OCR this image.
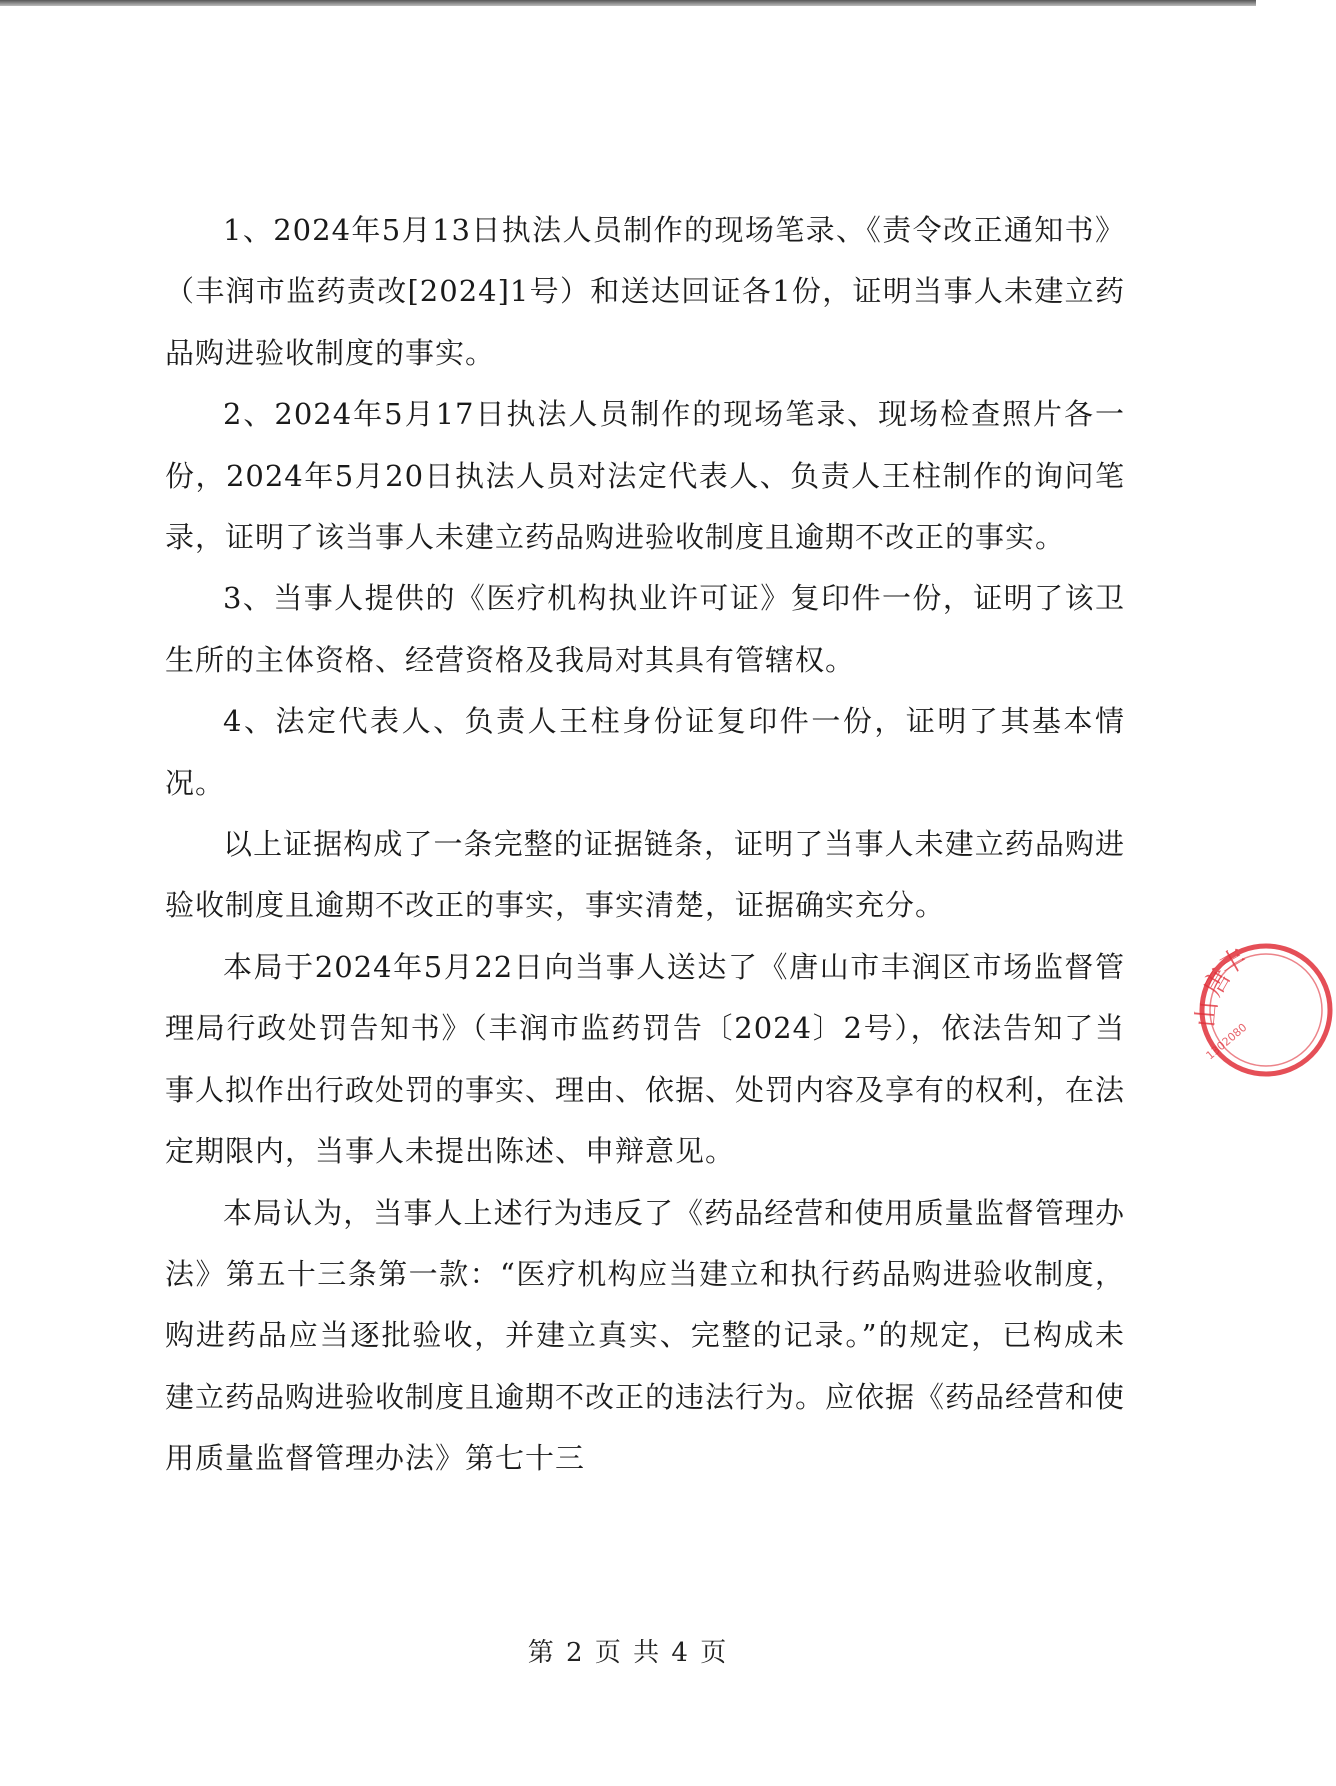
1、2024年5月13日执法人员制作的现场笔录、《责令改正通知书》（丰润市监药责改[2024]1号）和送达回证各1份，证明当事人未建立药品购进验收制度的事实。

2、2024年5月17日执法人员制作的现场笔录、现场检查照片各一份，2024年5月20日执法人员对法定代表人、负责人王柱制作的询问笔录，证明了该当事人未建立药品购进验收制度且逾期不改正的事实。

3、当事人提供的《医疗机构执业许可证》复印件一份，证明了该卫生所的主体资格、经营资格及我局对其具有管辖权。

4、法定代表人、负责人王柱身份证复印件一份，证明了其基本情况。

以上证据构成了一条完整的证据链条，证明了当事人未建立药品购进验收制度且逾期不改正的事实，事实清楚，证据确实充分。

本局于2024年5月22日向当事人送达了《唐山市丰润区市场监督管理局行政处罚告知书》（丰润市监药罚告〔2024〕2号），依法告知了当事人拟作出行政处罚的事实、理由、依据、处罚内容及享有的权利，在法定期限内，当事人未提出陈述、申辩意见。

本局认为，当事人上述行为违反了《药品经营和使用质量监督管理办法》第五十三条第一款：“医疗机构应当建立和执行药品购进验收制度，购进药品应当逐批验收，并建立真实、完整的记录。”的规定，已构成未建立药品购进验收制度且逾期不改正的违法行为。应依据《药品经营和使用质量监督管理办法》第七十三

唐
山
丰
1302080
第 2 页 共 4 页
